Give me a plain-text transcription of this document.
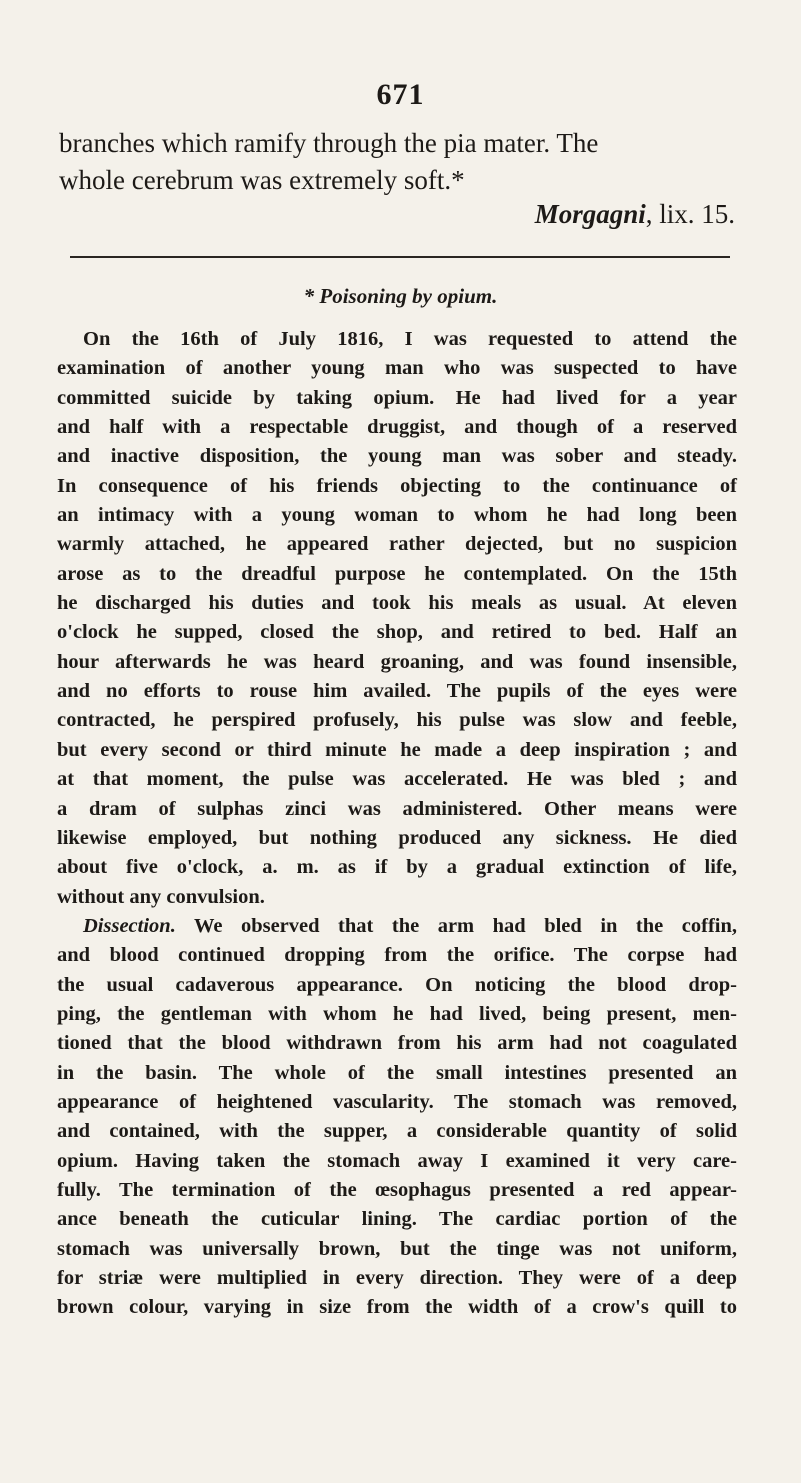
671
branches which ramify through the pia mater. The
whole cerebrum was extremely soft.*
Morgagni, lix. 15.
* Poisoning by opium.
On the 16th of July 1816, I was requested to attend the
examination of another young man who was suspected to have
committed suicide by taking opium. He had lived for a year
and half with a respectable druggist, and though of a reserved
and inactive disposition, the young man was sober and steady.
In consequence of his friends objecting to the continuance of
an intimacy with a young woman to whom he had long been
warmly attached, he appeared rather dejected, but no suspicion
arose as to the dreadful purpose he contemplated. On the 15th
he discharged his duties and took his meals as usual. At eleven
o'clock he supped, closed the shop, and retired to bed. Half an
hour afterwards he was heard groaning, and was found insensible,
and no efforts to rouse him availed. The pupils of the eyes were
contracted, he perspired profusely, his pulse was slow and feeble,
but every second or third minute he made a deep inspiration ; and
at that moment, the pulse was accelerated. He was bled ; and
a dram of sulphas zinci was administered. Other means were
likewise employed, but nothing produced any sickness. He died
about five o'clock, a. m. as if by a gradual extinction of life,
without any convulsion.
Dissection. We observed that the arm had bled in the coffin,
and blood continued dropping from the orifice. The corpse had
the usual cadaverous appearance. On noticing the blood drop-
ping, the gentleman with whom he had lived, being present, men-
tioned that the blood withdrawn from his arm had not coagulated
in the basin. The whole of the small intestines presented an
appearance of heightened vascularity. The stomach was removed,
and contained, with the supper, a considerable quantity of solid
opium. Having taken the stomach away I examined it very care-
fully. The termination of the œsophagus presented a red appear-
ance beneath the cuticular lining. The cardiac portion of the
stomach was universally brown, but the tinge was not uniform,
for striæ were multiplied in every direction. They were of a deep
brown colour, varying in size from the width of a crow's quill to
